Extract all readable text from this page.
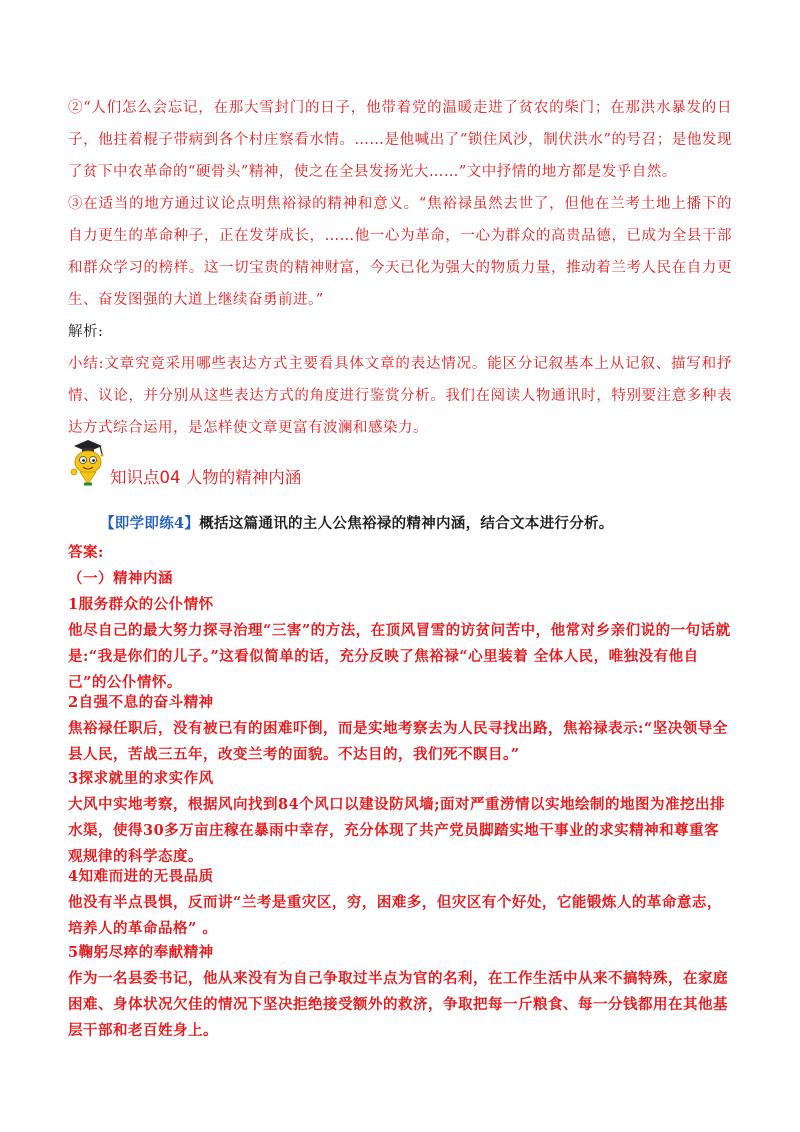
②“人们怎么会忘记，在那大雪封门的日子，他带着党的温暖走进了贫农的柴门；在那洪水暴发的日子，他拄着棍子带病到各个村庄察看水情。……是他喊出了“锁住风沙，制伏洪水”的号召；是他发现了贫下中农革命的“硬骨头”精神，使之在全县发扬光大……”文中抒情的地方都是发乎自然。
③在适当的地方通过议论点明焦裕禄的精神和意义。“焦裕禄虽然去世了，但他在兰考土地上播下的自力更生的革命种子，正在发芽成长，……他一心为革命，一心为群众的高贵品德，已成为全县干部和群众学习的榜样。这一切宝贵的精神财富，今天已化为强大的物质力量，推动着兰考人民在自力更生、奋发图强的大道上继续奋勇前进。”
解析:
小结:文章究竟采用哪些表达方式主要看具体文章的表达情况。能区分记叙基本上从记叙、描写和抒情、议论，并分别从这些表达方式的角度进行鉴赏分析。我们在阅读人物通讯时，特别要注意多种表达方式综合运用，是怎样使文章更富有波澜和感染力。
知识点04 人物的精神内涵
【即学即练4】概括这篇通讯的主人公焦裕禄的精神内涵，结合文本进行分析。
答案:
（一）精神内涵
1服务群众的公仆情怀
他尽自己的最大努力探寻治理“三害”的方法，在顶风冒雪的访贫问苦中，他常对乡亲们说的一句话就是:“我是你们的儿子。”这看似简单的话，充分反映了焦裕禄“心里装着 全体人民，唯独没有他自己”的公仆情怀。
2自强不息的奋斗精神
焦裕禄任职后，没有被已有的困难吓倒，而是实地考察去为人民寻找出路，焦裕禄表示:“坚决领导全县人民，苦战三五年，改变兰考的面貌。不达目的，我们死不瞑目。”
3探求就里的求实作风
大风中实地考察，根据风向找到84个风口以建设防风墙;面对严重涝情以实地绘制的地图为准挖出排水渠，使得30多万亩庄稼在暴雨中幸存，充分体现了共产党员脚踏实地干事业的求实精神和尊重客观规律的科学态度。
4知难而进的无畏品质
他没有半点畏惧，反而讲“兰考是重灾区，穷，困难多，但灾区有个好处，它能锻炼人的革命意志，培养人的革命品格” 。
5鞠躬尽瘁的奉献精神
作为一名县委书记，他从来没有为自己争取过半点为官的名利，在工作生活中从来不搞特殊，在家庭困难、身体状况欠佳的情况下坚决拒绝接受额外的救济，争取把每一斤粮食、每一分钱都用在其他基层干部和老百姓身上。
